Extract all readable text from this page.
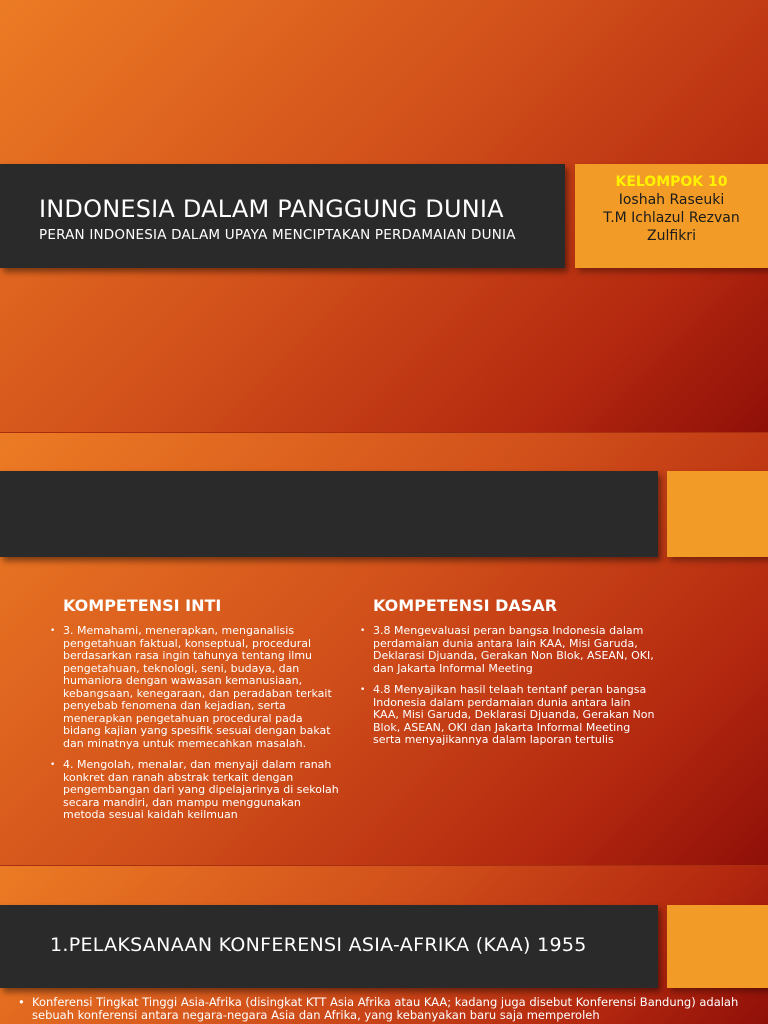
INDONESIA DALAM PANGGUNG DUNIA

PERAN INDONESIA DALAM UPAYA MENCIPTAKAN PERDAMAIAN DUNIA

KELOMPOK 10
Ioshah Raseuki
T.M Ichlazul Rezvan
Zulfikri
KOMPETENSI INTI
• 3. Memahami, menerapkan, menganalisis pengetahuan faktual, konseptual, procedural berdasarkan rasa ingin tahunya tentang ilmu pengetahuan, teknologi, seni, budaya, dan humaniora dengan wawasan kemanusiaan, kebangsaan, kenegaraan, dan peradaban terkait penyebab fenomena dan kejadian, serta menerapkan pengetahuan procedural pada bidang kajian yang spesifik sesuai dengan bakat dan minatnya untuk memecahkan masalah.
• 4. Mengolah, menalar, dan menyaji dalam ranah konkret dan ranah abstrak terkait dengan pengembangan dari yang dipelajarinya di sekolah secara mandiri, dan mampu menggunakan metoda sesuai kaidah keilmuan
KOMPETENSI DASAR
• 3.8 Mengevaluasi peran bangsa Indonesia dalam perdamaian dunia antara lain KAA, Misi Garuda, Deklarasi Djuanda, Gerakan Non Blok, ASEAN, OKI, dan Jakarta Informal Meeting
• 4.8 Menyajikan hasil telaah tentanf peran bangsa Indonesia dalam perdamaian dunia antara lain KAA, Misi Garuda, Deklarasi Djuanda, Gerakan Non Blok, ASEAN, OKI dan Jakarta Informal Meeting serta menyajikannya dalam laporan tertulis
1.PELAKSANAAN KONFERENSI ASIA-AFRIKA (KAA) 1955

• Konferensi Tingkat Tinggi Asia-Afrika (disingkat KTT Asia Afrika atau KAA; kadang juga disebut Konferensi Bandung) adalah sebuah konferensi antara negara-negara Asia dan Afrika, yang kebanyakan baru saja memperoleh
